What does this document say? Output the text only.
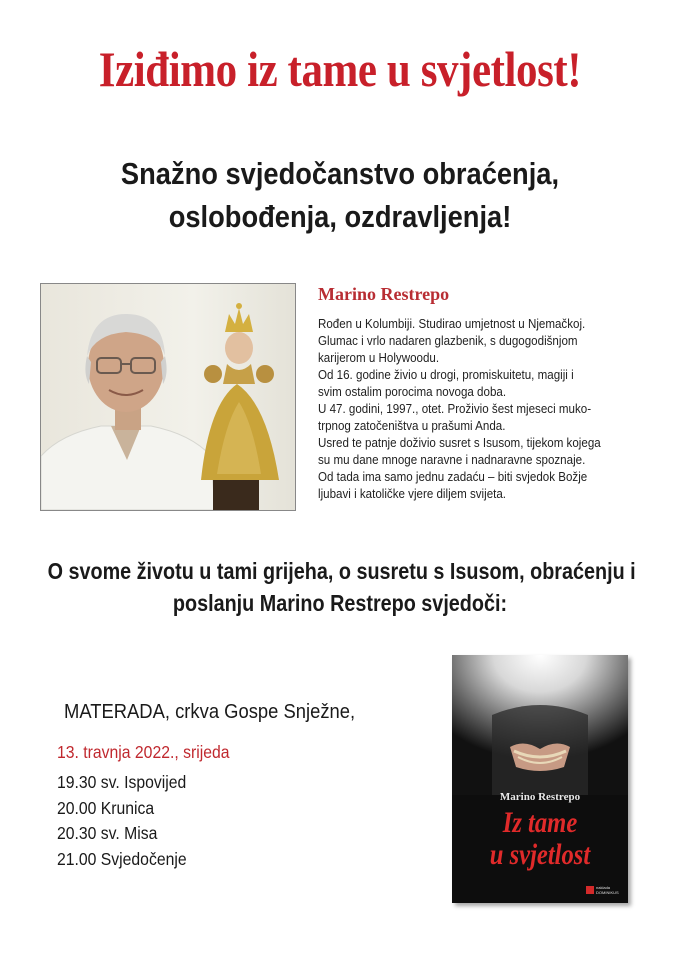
Iziđimo iz tame u svjetlost!
Snažno svjedočanstvo obraćenja,
oslobođenja, ozdravljenja!
Marino Restrepo
Rođen u Kolumbiji. Studirao umjetnost u Njemačkoj.
Glumac i vrlo nadaren glazbenik, s dugogodišnjom
karijerom u Holywoodu.
Od 16. godine živio u drogi, promiskuitetu, magiji i
svim ostalim porocima novoga doba.
U 47. godini, 1997., otet. Proživio šest mjeseci muko-
trpnog zatočeništva u prašumi Anda.
Usred te patnje doživio susret s Isusom, tijekom kojega
su mu dane mnoge naravne i nadnaravne spoznaje.
Od tada ima samo jednu zadaću – biti svjedok Božje
ljubavi i katoličke vjere diljem svijeta.
O svome životu u tami grijeha, o susretu s Isusom, obraćenju i
poslanju Marino Restrepo svjedoči:
MATERADA, crkva Gospe Snježne,
13. travnja 2022., srijeda
19.30 sv. Ispovijed
20.00 Krunica
20.30 sv. Misa
21.00 Svjedočenje
Marino Restrepo
Iz tame
u svjetlost
naklada
DOMINIKUS
